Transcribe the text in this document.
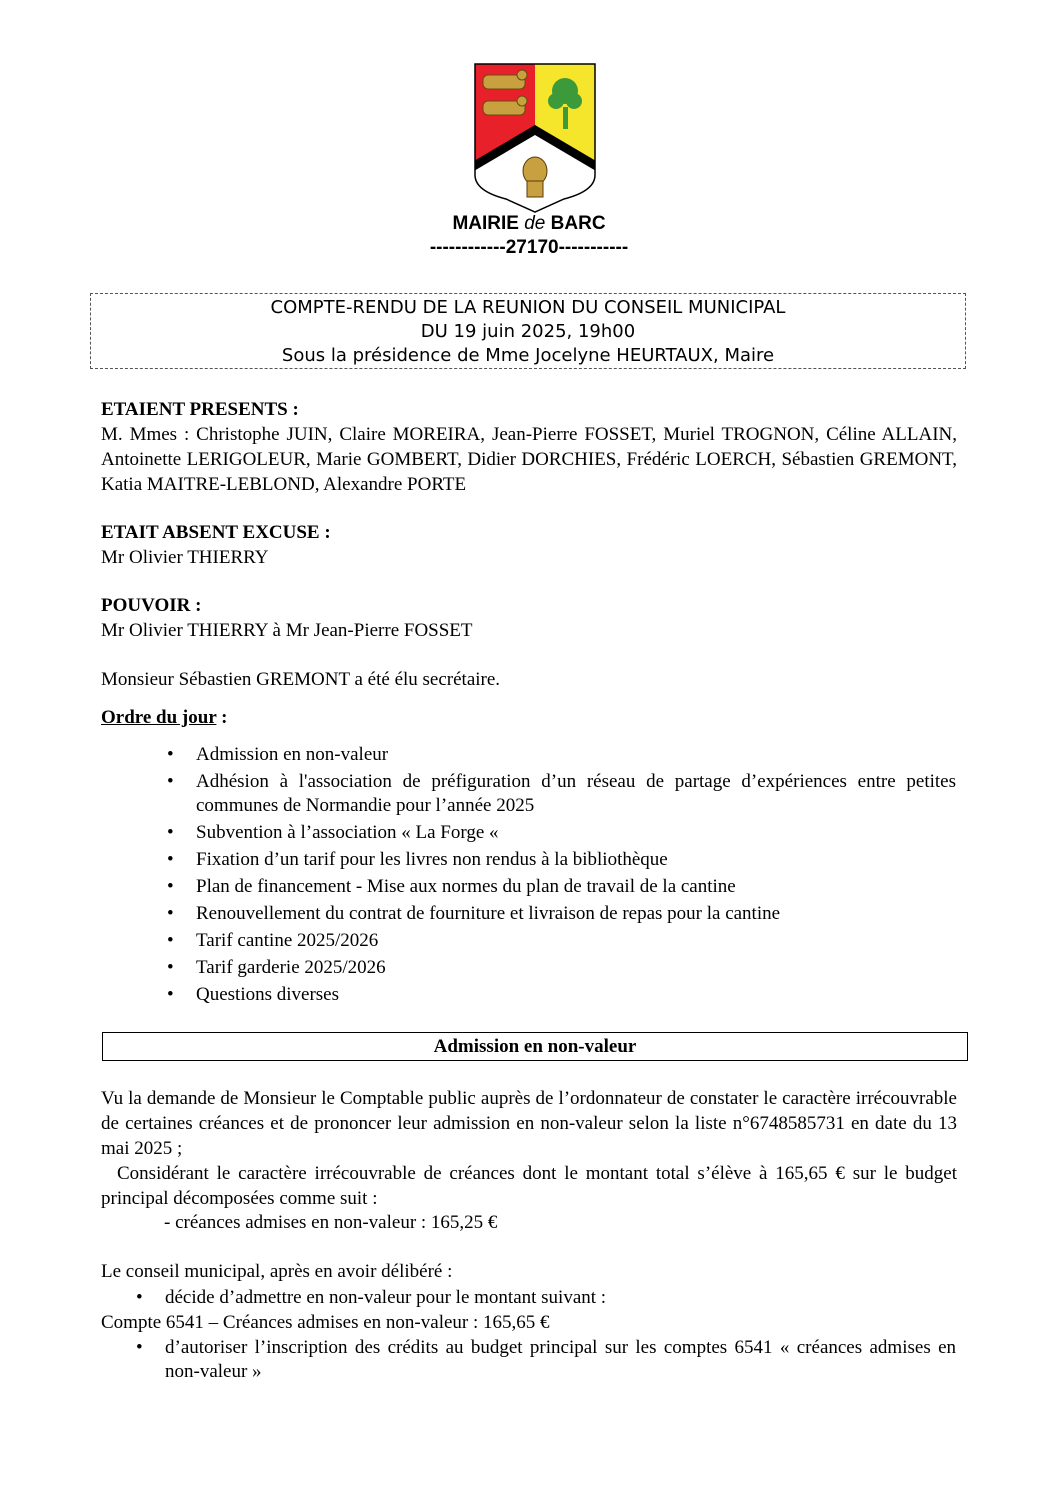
MAIRIE de BARC
------------27170-----------
COMPTE-RENDU DE LA REUNION DU CONSEIL MUNICIPAL
DU 19 juin 2025, 19h00
Sous la présidence de Mme Jocelyne HEURTAUX, Maire
ETAIENT PRESENTS :
M. Mmes : Christophe JUIN, Claire MOREIRA, Jean-Pierre FOSSET, Muriel TROGNON, Céline ALLAIN, Antoinette LERIGOLEUR, Marie GOMBERT, Didier DORCHIES, Frédéric LOERCH, Sébastien GREMONT, Katia MAITRE-LEBLOND, Alexandre PORTE
ETAIT ABSENT EXCUSE :
Mr Olivier THIERRY
POUVOIR :
Mr Olivier THIERRY à Mr Jean-Pierre FOSSET
Monsieur Sébastien GREMONT a été élu secrétaire.
Ordre du jour :
• Admission en non-valeur
• Adhésion à l'association de préfiguration d’un réseau de partage d’expériences entre petites communes de Normandie pour l’année 2025
• Subvention à l’association « La Forge «
• Fixation d’un tarif pour les livres non rendus à la bibliothèque
• Plan de financement - Mise aux normes du plan de travail de la cantine
• Renouvellement du contrat de fourniture et livraison de repas pour la cantine
• Tarif cantine 2025/2026
• Tarif garderie 2025/2026
• Questions diverses
Admission en non-valeur
Vu la demande de Monsieur le Comptable public auprès de l’ordonnateur de constater le caractère irrécouvrable de certaines créances et de prononcer leur admission en non-valeur selon la liste n°6748585731 en date du 13 mai 2025 ;
Considérant le caractère irrécouvrable de créances dont le montant total s’élève à 165,65 € sur le budget principal décomposées comme suit :
- créances admises en non-valeur : 165,25 €
Le conseil municipal, après en avoir délibéré :
• décide d’admettre en non-valeur pour le montant suivant :
Compte 6541 – Créances admises en non-valeur : 165,65 €
• d’autoriser l’inscription des crédits au budget principal sur les comptes 6541 « créances admises en non-valeur »
